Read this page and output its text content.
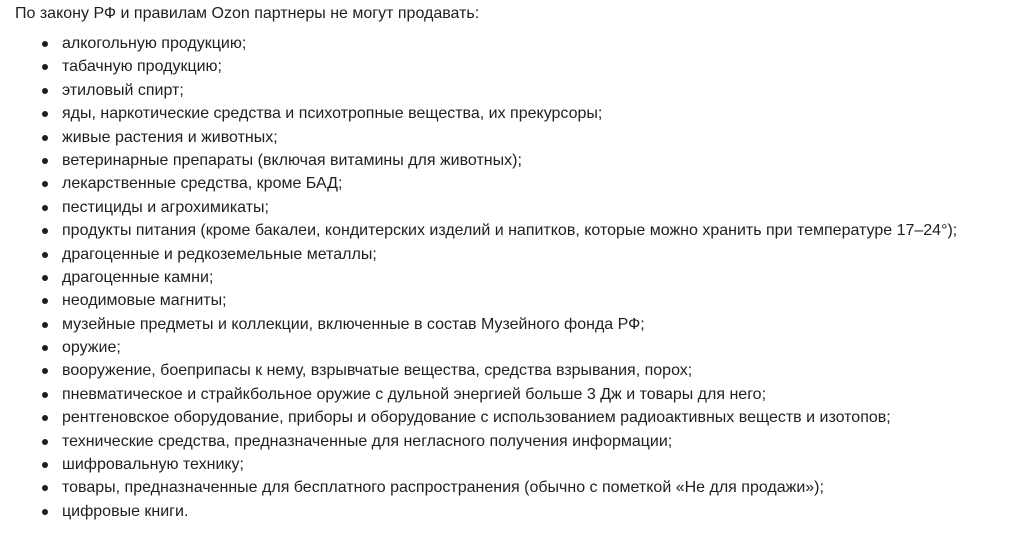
По закону РФ и правилам Ozon партнеры не могут продавать:

алкогольную продукцию;
табачную продукцию;
этиловый спирт;
яды, наркотические средства и психотропные вещества, их прекурсоры;
живые растения и животных;
ветеринарные препараты (включая витамины для животных);
лекарственные средства, кроме БАД;
пестициды и агрохимикаты;
продукты питания (кроме бакалеи, кондитерских изделий и напитков, которые можно хранить при температуре 17–24°);
драгоценные и редкоземельные металлы;
драгоценные камни;
неодимовые магниты;
музейные предметы и коллекции, включенные в состав Музейного фонда РФ;
оружие;
вооружение, боеприпасы к нему, взрывчатые вещества, средства взрывания, порох;
пневматическое и страйкбольное оружие с дульной энергией больше 3 Дж и товары для него;
рентгеновское оборудование, приборы и оборудование с использованием радиоактивных веществ и изотопов;
технические средства, предназначенные для негласного получения информации;
шифровальную технику;
товары, предназначенные для бесплатного распространения (обычно с пометкой «Не для продажи»);
цифровые книги.
